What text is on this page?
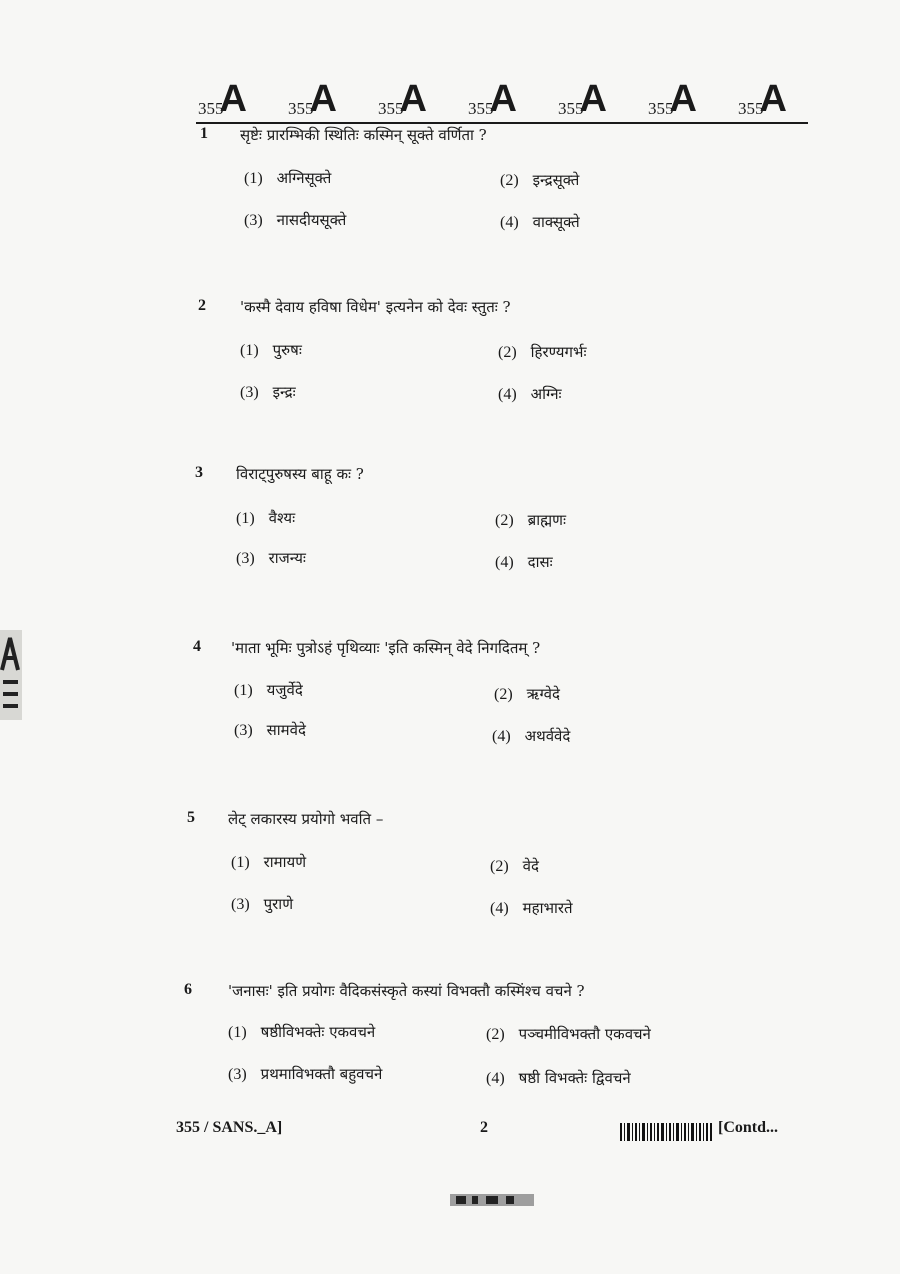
355
A 355
A 355
A 355
A 355
A 355
A 355
A
1 सृष्टेः प्रारम्भिकी स्थितिः कस्मिन् सूक्ते वर्णिता ?
(1) अग्निसूक्ते	(2) इन्द्रसूक्ते
(3) नासदीयसूक्ते	(4) वाक्सूक्ते
2 'कस्मै देवाय हविषा विधेम' इत्यनेन को देवः स्तुतः ?
(1) पुरुषः	(2) हिरण्यगर्भः
(3) इन्द्रः	(4) अग्निः
3 विराट्पुरुषस्य बाहू कः ?
(1) वैश्यः	(2) ब्राह्मणः
(3) राजन्यः	(4) दासः
4 'माता भूमिः पुत्रोऽहं पृथिव्याः 'इति कस्मिन् वेदे निगदितम् ?
(1) यजुर्वेदे	(2) ऋग्वेदे
(3) सामवेदे	(4) अथर्ववेदे
5 लेट् लकारस्य प्रयोगो भवति –
(1) रामायणे	(2) वेदे
(3) पुराणे	(4) महाभारते
6 'जनासः' इति प्रयोगः वैदिकसंस्कृते कस्यां विभक्तौ कस्मिंश्च वचने ?
(1) षष्ठीविभक्तेः एकवचने	(2) पञ्चमीविभक्तौ एकवचने
(3) प्रथमाविभक्तौ बहुवचने	(4) षष्ठी विभक्तेः द्विवचने
355 / SANS._A]	2	[Contd...
